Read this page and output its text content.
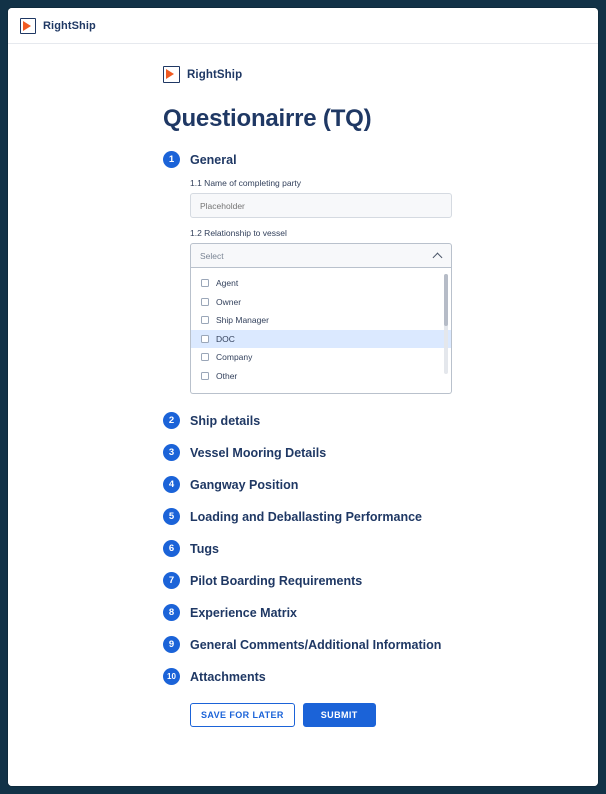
RightShip
RightShip
Questionairre (TQ)
1	General
1.1 Name of completing party
Placeholder
1.2 Relationship to vessel
Select
Agent
Owner
Ship Manager
DOC
Company
Other
2	Ship details
3	Vessel Mooring Details
4	Gangway Position
5	Loading and Deballasting Performance
6	Tugs
7	Pilot Boarding Requirements
8	Experience Matrix
9	General Comments/Additional Information
10	Attachments
SAVE FOR LATER	SUBMIT
